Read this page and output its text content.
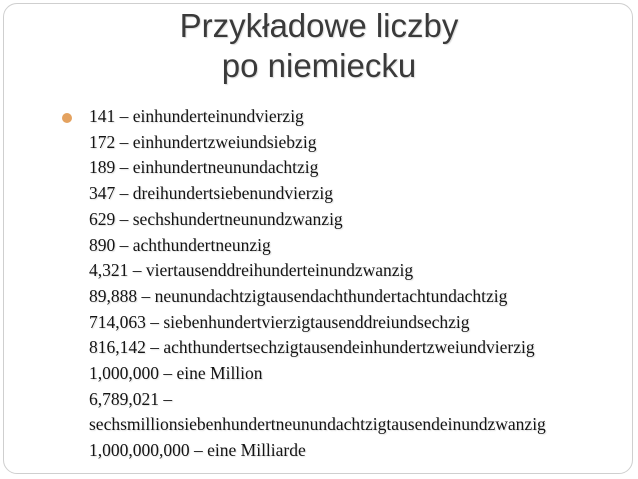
Przykładowe liczby
po niemiecku
141 – einhunderteinundvierzig
172 – einhundertzweiundsiebzig
189 – einhundertneunundachtzig
347 – dreihundertsiebenundvierzig
629 – sechshundertneunundzwanzig
890 – achthundertneunzig
4,321 – viertausenddreihunderteinundzwanzig
89,888 – neunundachtzigtausendachthundertachtundachtzig
714,063 – siebenhundertvierzigtausenddreiundsechzig
816,142 – achthundertsechzigtausendeinhundertzweiundvierzig
1,000,000 – eine Million
6,789,021 –
sechsmillionsiebenhundertneunundachtzigtausendeinundzwanzig
1,000,000,000 – eine Milliarde
